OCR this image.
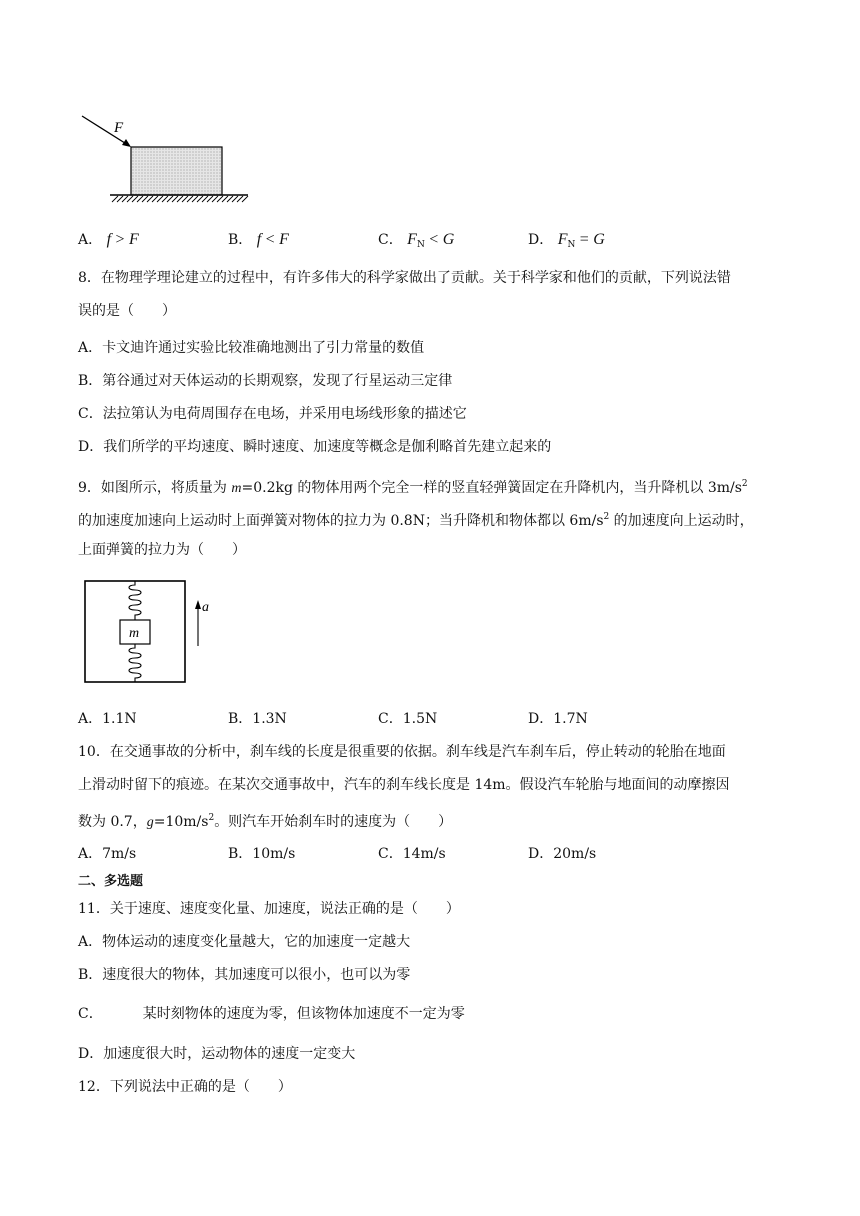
F
A． f > F	B． f < F	C． $F_N < G$	D． $F_N = G$
8．在物理学理论建立的过程中，有许多伟大的科学家做出了贡献。关于科学家和他们的贡献，下列说法错
误的是（　　）
A．卡文迪许通过实验比较准确地测出了引力常量的数值
B．第谷通过对天体运动的长期观察，发现了行星运动三定律
C．法拉第认为电荷周围存在电场，并采用电场线形象的描述它
D．我们所学的平均速度、瞬时速度、加速度等概念是伽利略首先建立起来的
9．如图所示，将质量为 m=0.2kg 的物体用两个完全一样的竖直轻弹簧固定在升降机内，当升降机以 $3m/s^2$
的加速度加速向上运动时上面弹簧对物体的拉力为 0.8N；当升降机和物体都以 $6m/s^2$ 的加速度向上运动时，
上面弹簧的拉力为（　　）
m
a
A．1.1N	B．1.3N	C．1.5N	D．1.7N
10．在交通事故的分析中，刹车线的长度是很重要的依据。刹车线是汽车刹车后，停止转动的轮胎在地面
上滑动时留下的痕迹。在某次交通事故中，汽车的刹车线长度是 14m。假设汽车轮胎与地面间的动摩擦因
数为 0.7，$g=10m/s^2$。则汽车开始刹车时的速度为（　　）
A．7m/s	B．10m/s	C．14m/s	D．20m/s
二、多选题
11．关于速度、速度变化量、加速度，说法正确的是（　　）
A．物体运动的速度变化量越大，它的加速度一定越大
B．速度很大的物体，其加速度可以很小，也可以为零
C．	某时刻物体的速度为零，但该物体加速度不一定为零
D．加速度很大时，运动物体的速度一定变大
12．下列说法中正确的是（　　）
